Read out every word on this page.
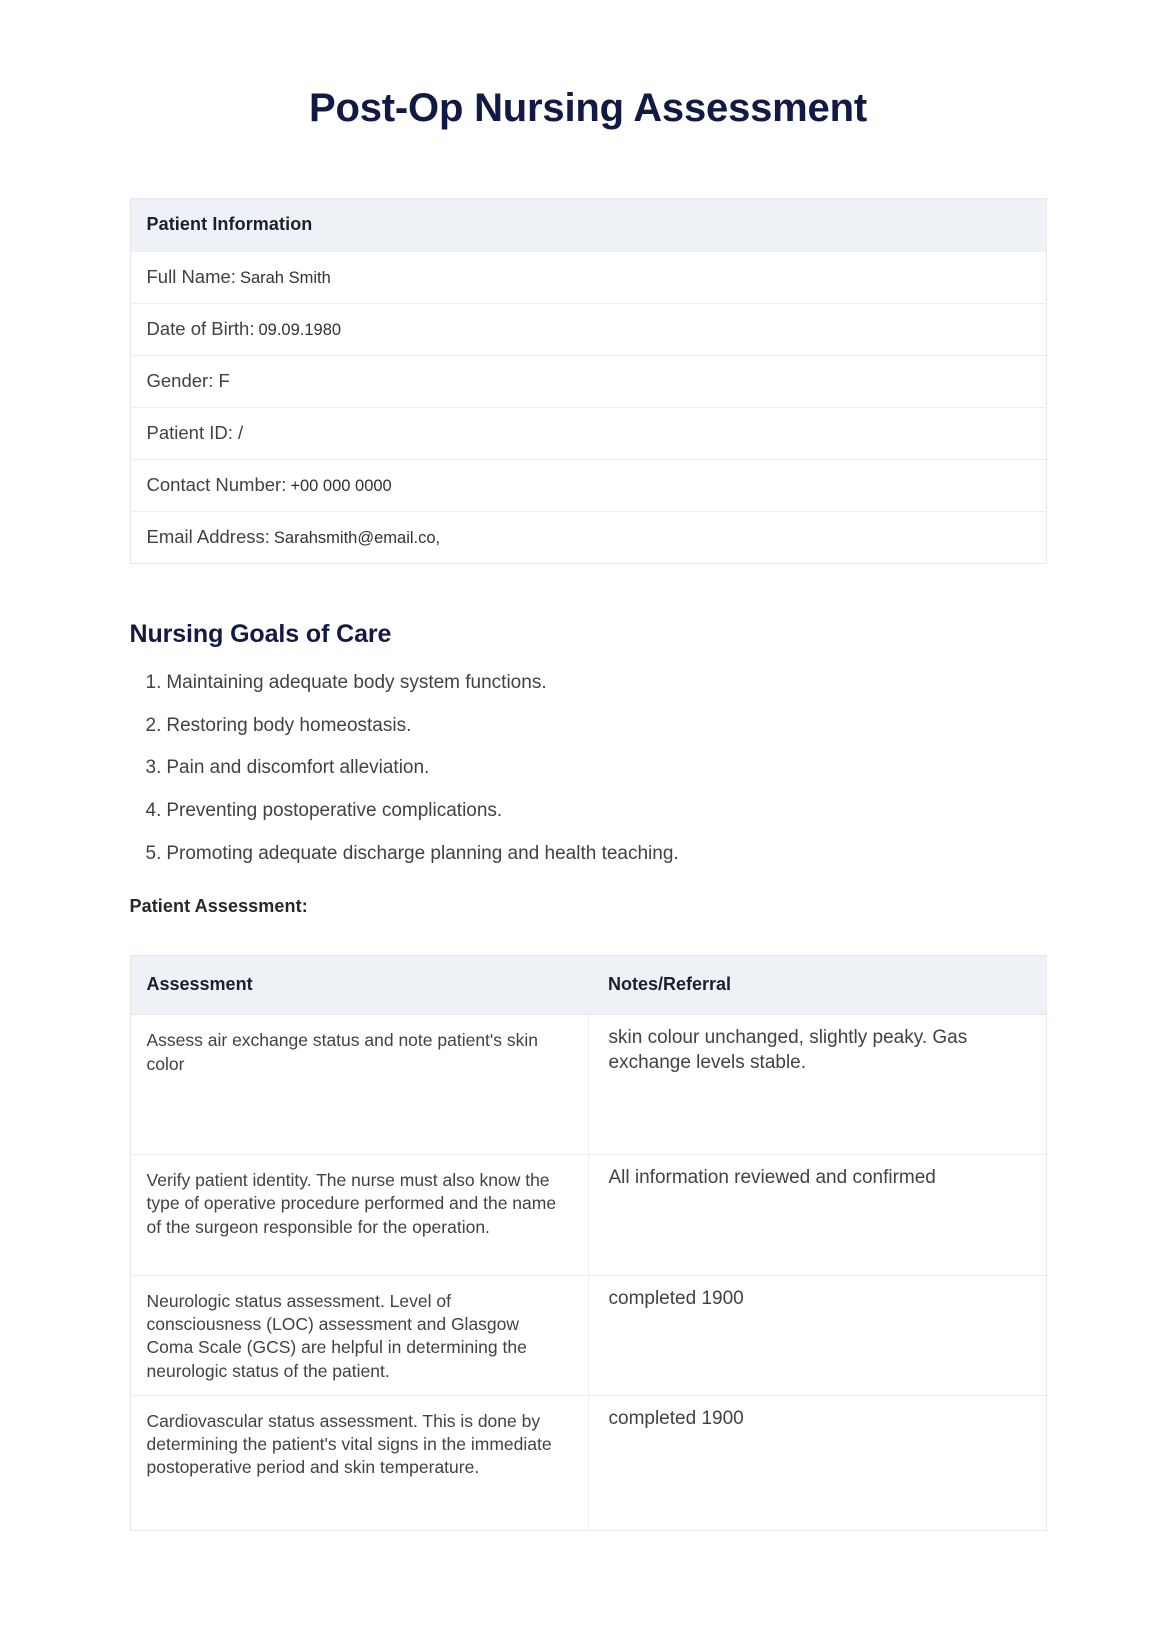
Post-Op Nursing Assessment
Patient Information
Full Name: Sarah Smith
Date of Birth: 09.09.1980
Gender: F
Patient ID: /
Contact Number: +00 000 0000
Email Address: Sarahsmith@email.co,
Nursing Goals of Care
1. Maintaining adequate body system functions.
2. Restoring body homeostasis.
3. Pain and discomfort alleviation.
4. Preventing postoperative complications.
5. Promoting adequate discharge planning and health teaching.
Patient Assessment:
Assessment	Notes/Referral
Assess air exchange status and note patient's skin color	skin colour unchanged, slightly peaky. Gas exchange levels stable.
Verify patient identity. The nurse must also know the type of operative procedure performed and the name of the surgeon responsible for the operation.	All information reviewed and confirmed
Neurologic status assessment. Level of consciousness (LOC) assessment and Glasgow Coma Scale (GCS) are helpful in determining the neurologic status of the patient.	completed 1900
Cardiovascular status assessment. This is done by determining the patient's vital signs in the immediate postoperative period and skin temperature.	completed 1900
